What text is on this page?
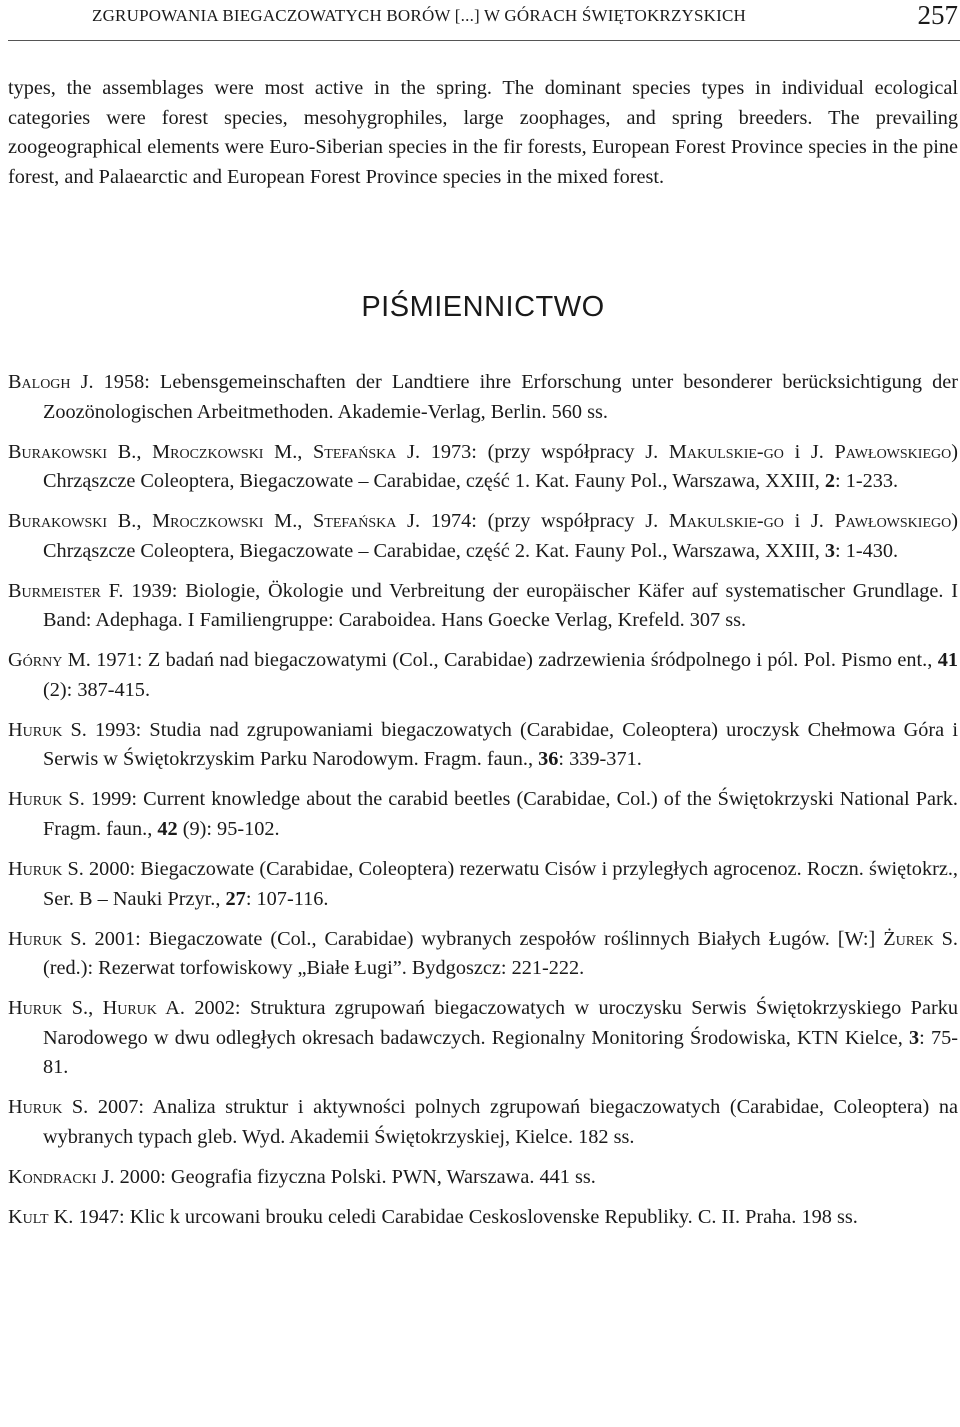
ZGRUPOWANIA BIEGACZOWATYCH BORÓW [...] W GÓRACH ŚWIĘTOKRZYSKICH	257

types, the assemblages were most active in the spring. The dominant species types in individual ecological categories were forest species, mesohygrophiles, large zoophages, and spring breeders. The prevailing zoogeographical elements were Euro-Siberian species in the fir forests, European Forest Province species in the pine forest, and Palaearctic and European Forest Province species in the mixed forest.

PIŚMIENNICTWO
Balogh J. 1958: Lebensgemeinschaften der Landtiere ihre Erforschung unter besonderer berücksichtigung der Zoozönologischen Arbeitmethoden. Akademie-Verlag, Berlin. 560 ss.
Burakowski B., Mroczkowski M., Stefańska J. 1973: (przy współpracy J. Makulskie-go i J. Pawłowskiego) Chrząszcze Coleoptera, Biegaczowate – Carabidae, część 1. Kat. Fauny Pol., Warszawa, XXIII, 2: 1-233.
Burakowski B., Mroczkowski M., Stefańska J. 1974: (przy współpracy J. Makulskie-go i J. Pawłowskiego) Chrząszcze Coleoptera, Biegaczowate – Carabidae, część 2. Kat. Fauny Pol., Warszawa, XXIII, 3: 1-430.
Burmeister F. 1939: Biologie, Ökologie und Verbreitung der europäischer Käfer auf systematischer Grundlage. I Band: Adephaga. I Familiengruppe: Caraboidea. Hans Goecke Verlag, Krefeld. 307 ss.
Górny M. 1971: Z badań nad biegaczowatymi (Col., Carabidae) zadrzewienia śródpolnego i pól. Pol. Pismo ent., 41 (2): 387-415.
Huruk S. 1993: Studia nad zgrupowaniami biegaczowatych (Carabidae, Coleoptera) uroczysk Chełmowa Góra i Serwis w Świętokrzyskim Parku Narodowym. Fragm. faun., 36: 339-371.
Huruk S. 1999: Current knowledge about the carabid beetles (Carabidae, Col.) of the Świętokrzyski National Park. Fragm. faun., 42 (9): 95-102.
Huruk S. 2000: Biegaczowate (Carabidae, Coleoptera) rezerwatu Cisów i przyległych agrocenoz. Roczn. świętokrz., Ser. B – Nauki Przyr., 27: 107-116.
Huruk S. 2001: Biegaczowate (Col., Carabidae) wybranych zespołów roślinnych Białych Ługów. [W:] Żurek S. (red.): Rezerwat torfowiskowy „Białe Ługi”. Bydgoszcz: 221-222.
Huruk S., Huruk A. 2002: Struktura zgrupowań biegaczowatych w uroczysku Serwis Świętokrzyskiego Parku Narodowego w dwu odległych okresach badawczych. Regionalny Monitoring Środowiska, KTN Kielce, 3: 75-81.
Huruk S. 2007: Analiza struktur i aktywności polnych zgrupowań biegaczowatych (Carabidae, Coleoptera) na wybranych typach gleb. Wyd. Akademii Świętokrzyskiej, Kielce. 182 ss.
Kondracki J. 2000: Geografia fizyczna Polski. PWN, Warszawa. 441 ss.
Kult K. 1947: Klic k urcowani brouku celedi Carabidae Ceskoslovenske Republiky. C. II. Praha. 198 ss.
